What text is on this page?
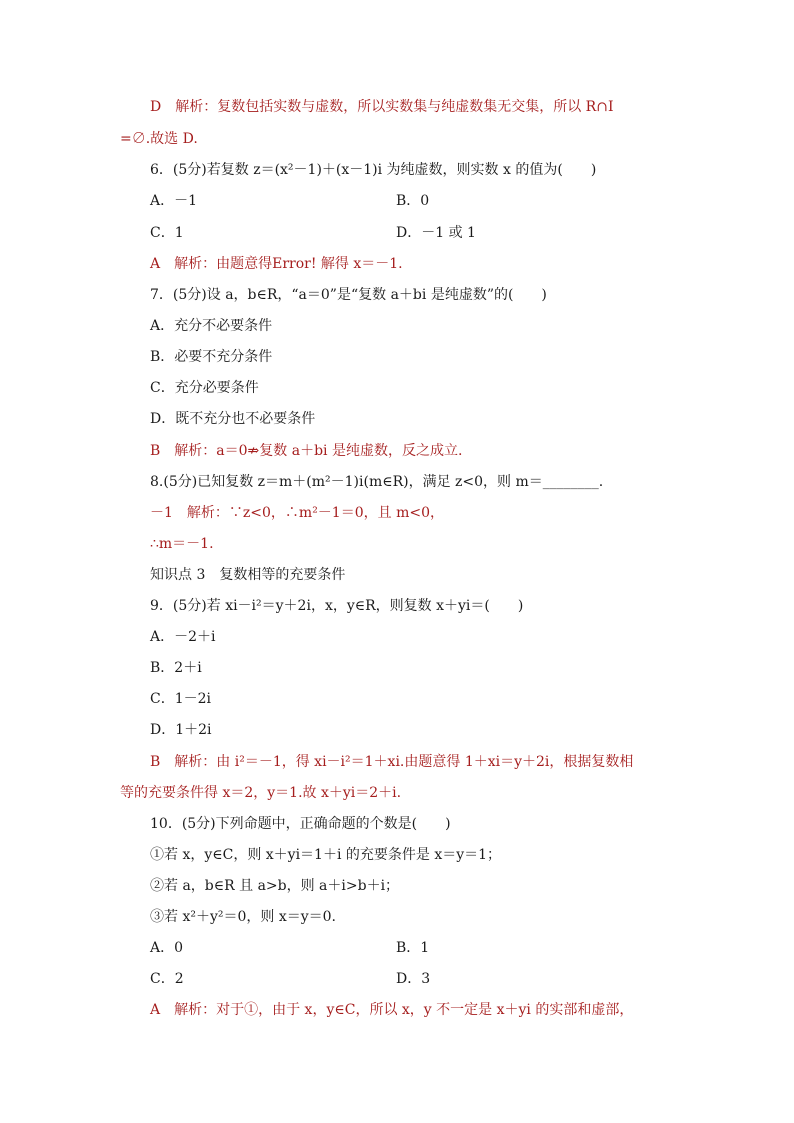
D　解析：复数包括实数与虚数，所以实数集与纯虚数集无交集，所以 R∩I
=∅.故选 D.
6．(5分)若复数 z＝(x²－1)＋(x－1)i 为纯虚数，则实数 x 的值为(　　)
A．－1	B．0
C．1	D．－1 或 1
A　解析：由题意得Error! 解得 x＝－1.
7．(5分)设 a，b∈R，“a＝0”是“复数 a＋bi 是纯虚数”的(　　)
A．充分不必要条件
B．必要不充分条件
C．充分必要条件
D．既不充分也不必要条件
B　解析：a＝0⇏复数 a＋bi 是纯虚数，反之成立.
8.(5分)已知复数 z＝m＋(m²－1)i(m∈R)，满足 z<0，则 m＝________.
－1　解析：∵z<0，∴m²－1＝0，且 m<0，
∴m＝－1.
知识点 3　复数相等的充要条件
9．(5分)若 xi－i²＝y＋2i，x，y∈R，则复数 x＋yi＝(　　)
A．－2＋i
B．2＋i
C．1－2i
D．1＋2i
B　解析：由 i²＝－1，得 xi－i²＝1＋xi.由题意得 1＋xi＝y＋2i，根据复数相
等的充要条件得 x＝2，y＝1.故 x＋yi＝2＋i.
10．(5分)下列命题中，正确命题的个数是(　　)
①若 x，y∈C，则 x＋yi＝1＋i 的充要条件是 x＝y＝1；
②若 a，b∈R 且 a>b，则 a＋i>b＋i；
③若 x²＋y²＝0，则 x＝y＝0.
A．0	B．1
C．2	D．3
A　解析：对于①，由于 x，y∈C，所以 x，y 不一定是 x＋yi 的实部和虚部，
